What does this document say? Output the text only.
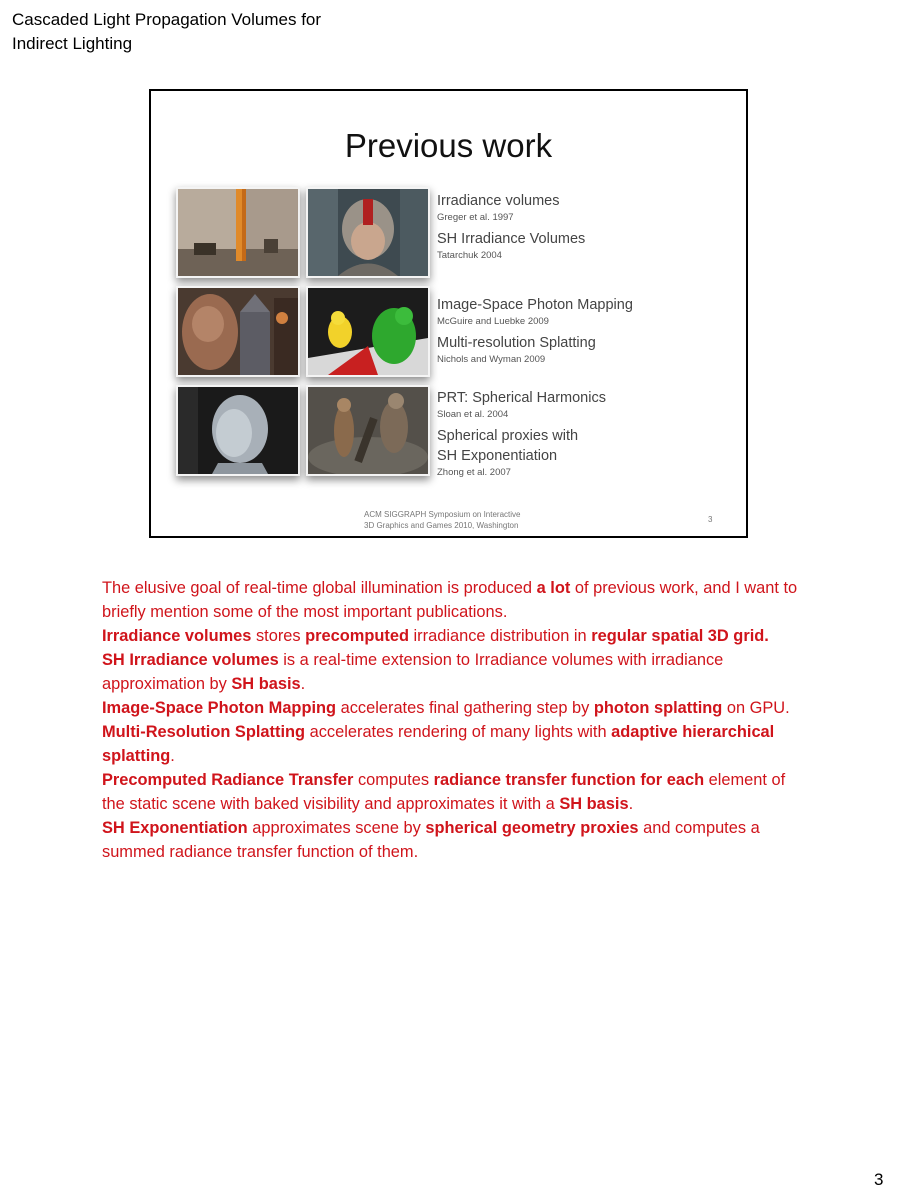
Cascaded Light Propagation Volumes for
Indirect Lighting
Previous work
Irradiance volumes
Greger et al. 1997
SH Irradiance Volumes
Tatarchuk 2004
Image-Space Photon Mapping
McGuire and Luebke 2009
Multi-resolution Splatting
Nichols and Wyman 2009
PRT: Spherical Harmonics
Sloan et al. 2004
Spherical proxies with
SH Exponentiation
Zhong et al. 2007
ACM SIGGRAPH Symposium on Interactive
3D Graphics and Games 2010, Washington
3

The elusive goal of real-time global illumination is produced a lot of previous work, and I want to briefly mention some of the most important publications.

Irradiance volumes stores precomputed irradiance distribution in regular spatial 3D grid.

SH Irradiance volumes is a real-time extension to Irradiance volumes with irradiance approximation by SH basis.

Image-Space Photon Mapping accelerates final gathering step by photon splatting on GPU.

Multi-Resolution Splatting accelerates rendering of many lights with adaptive hierarchical splatting.

Precomputed Radiance Transfer computes radiance transfer function for each element of the static scene with baked visibility and approximates it with a SH basis.

SH Exponentiation approximates scene by spherical geometry proxies and computes a summed radiance transfer function of them.

3
